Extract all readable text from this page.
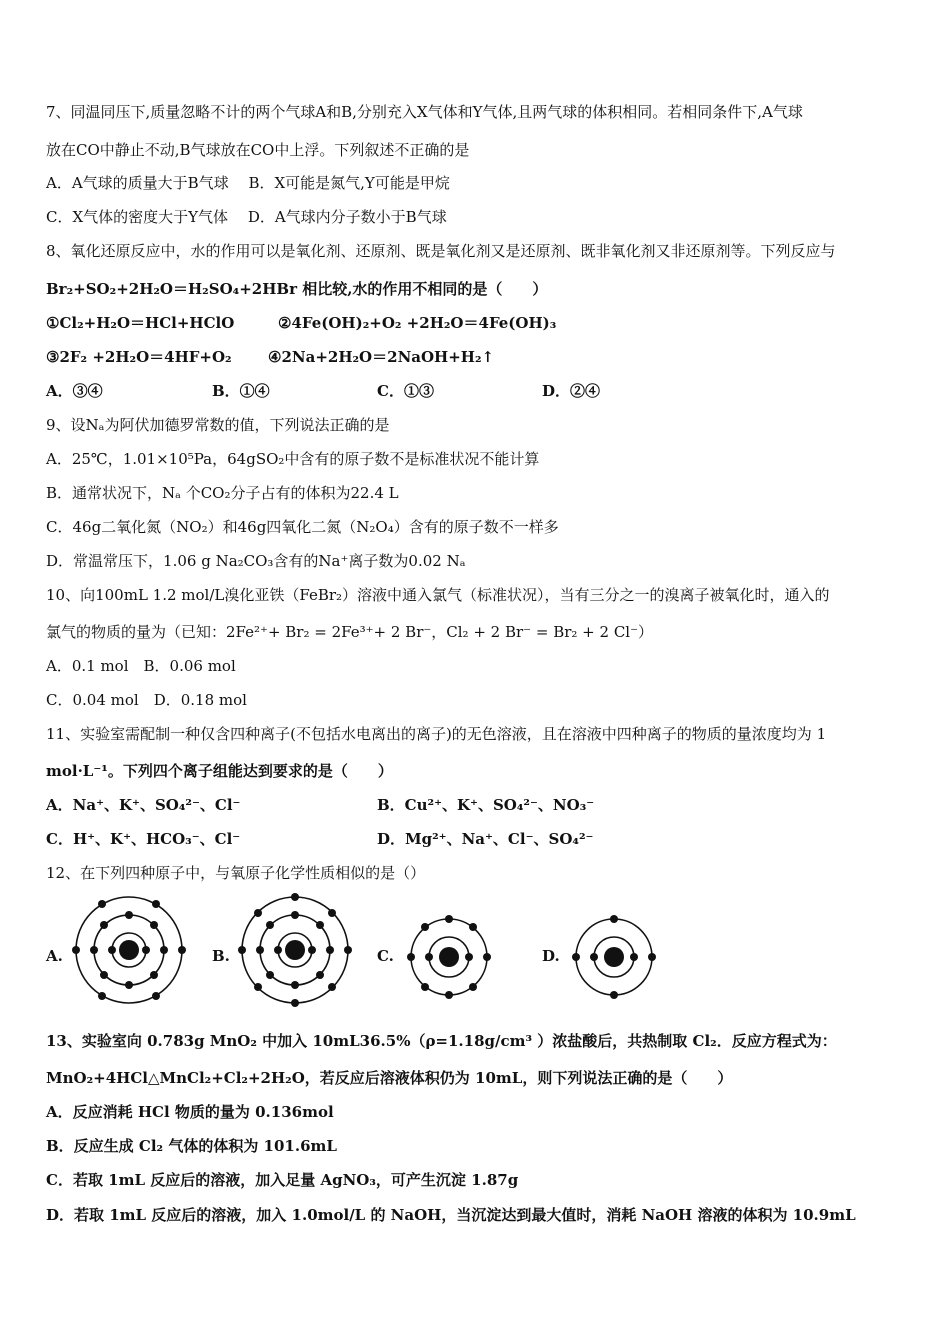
7、同温同压下,质量忽略不计的两个气球A和B,分别充入X气体和Y气体,且两气球的体积相同。若相同条件下,A气球
放在CO中静止不动,B气球放在CO中上浮。下列叙述不正确的是
A．A气球的质量大于B气球　 B．X可能是氮气,Y可能是甲烷
C．X气体的密度大于Y气体　 D．A气球内分子数小于B气球
8、氧化还原反应中，水的作用可以是氧化剂、还原剂、既是氧化剂又是还原剂、既非氧化剂又非还原剂等。下列反应与
Br₂+SO₂+2H₂O＝H₂SO₄+2HBr 相比较,水的作用不相同的是（　　）
①Cl₂+H₂O＝HCl+HClO	②4Fe(OH)₂+O₂ +2H₂O＝4Fe(OH)₃
③2F₂ +2H₂O＝4HF+O₂ ④2Na+2H₂O＝2NaOH+H₂↑
A．③④	B．①④	C．①③	D．②④
9、设Nₐ为阿伏加德罗常数的值，下列说法正确的是
A．25℃，1.01×10⁵Pa，64gSO₂中含有的原子数不是标准状况不能计算
B．通常状况下，Nₐ 个CO₂分子占有的体积为22.4 L
C．46g二氧化氮（NO₂）和46g四氧化二氮（N₂O₄）含有的原子数不一样多
D．常温常压下，1.06 g Na₂CO₃含有的Na⁺离子数为0.02 Nₐ
10、向100mL 1.2 mol/L溴化亚铁（FeBr₂）溶液中通入氯气（标准状况），当有三分之一的溴离子被氧化时，通入的
氯气的物质的量为（已知：2Fe²⁺+ Br₂ = 2Fe³⁺+ 2 Br⁻，Cl₂ + 2 Br⁻ = Br₂ + 2 Cl⁻）
A．0.1 mol　B．0.06 mol
C．0.04 mol　D．0.18 mol
11、实验室需配制一种仅含四种离子(不包括水电离出的离子)的无色溶液，且在溶液中四种离子的物质的量浓度均为 1
mol·L⁻¹。下列四个离子组能达到要求的是（　　）
A．Na⁺、K⁺、SO₄²⁻、Cl⁻	B．Cu²⁺、K⁺、SO₄²⁻、NO₃⁻
C．H⁺、K⁺、HCO₃⁻、Cl⁻	D．Mg²⁺、Na⁺、Cl⁻、SO₄²⁻
12、在下列四种原子中，与氧原子化学性质相似的是（）
A.	B.	C.	D.
13、实验室向 0.783g MnO₂ 中加入 10mL36.5%（ρ=1.18g/cm³ ）浓盐酸后，共热制取 Cl₂．反应方程式为：
MnO₂+4HCl△MnCl₂+Cl₂+2H₂O，若反应后溶液体积仍为 10mL，则下列说法正确的是（　　）
A．反应消耗 HCl 物质的量为 0.136mol
B．反应生成 Cl₂ 气体的体积为 101.6mL
C．若取 1mL 反应后的溶液，加入足量 AgNO₃，可产生沉淀 1.87g
D．若取 1mL 反应后的溶液，加入 1.0mol/L 的 NaOH，当沉淀达到最大值时，消耗 NaOH 溶液的体积为 10.9mL
